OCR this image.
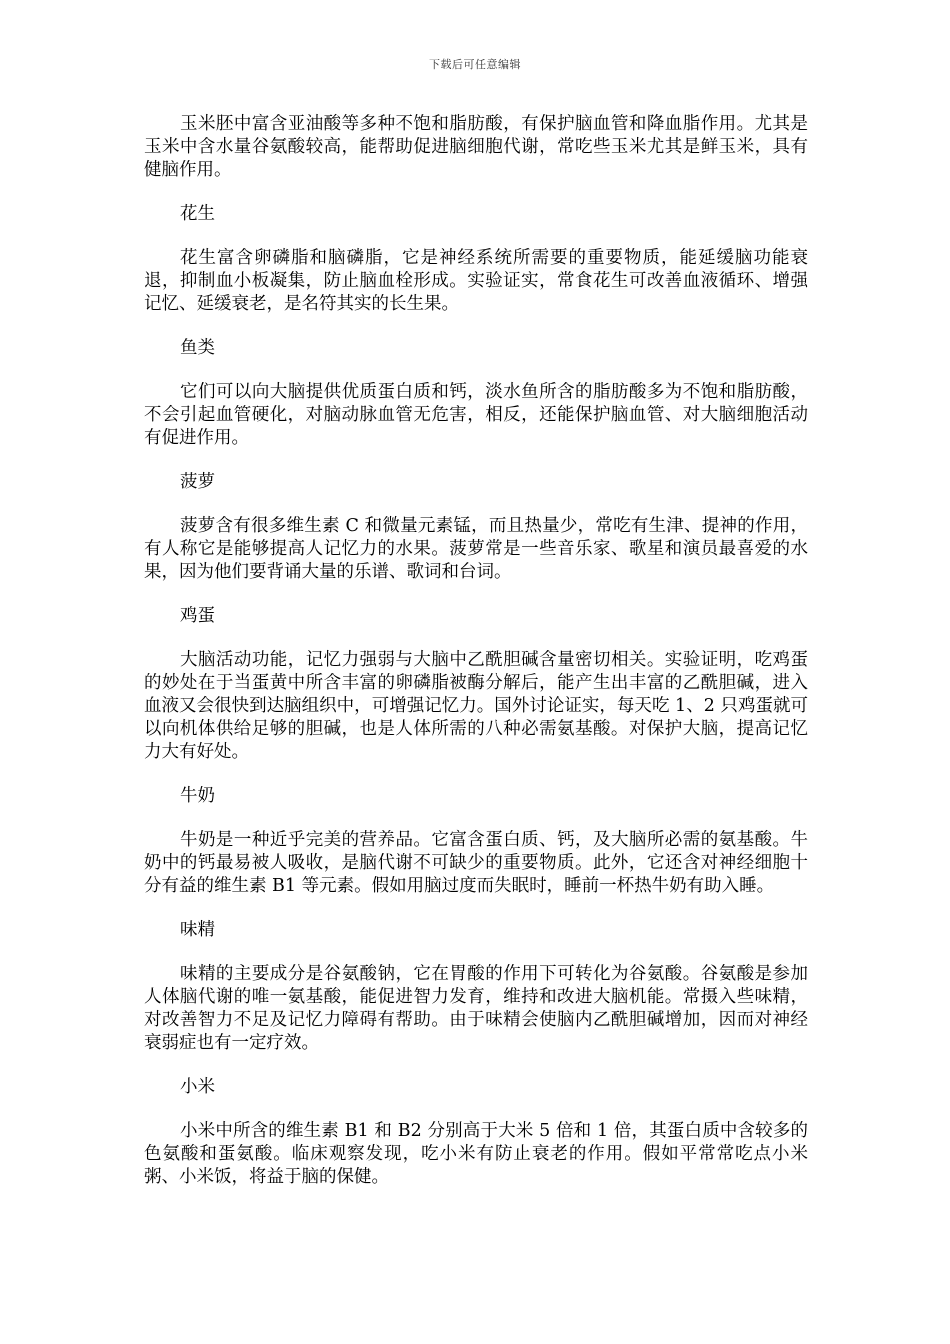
下载后可任意编辑

玉米胚中富含亚油酸等多种不饱和脂肪酸，有保护脑血管和降血脂作用。尤其是玉米中含水量谷氨酸较高，能帮助促进脑细胞代谢，常吃些玉米尤其是鲜玉米，具有健脑作用。

花生

花生富含卵磷脂和脑磷脂，它是神经系统所需要的重要物质，能延缓脑功能衰退，抑制血小板凝集，防止脑血栓形成。实验证实，常食花生可改善血液循环、增强记忆、延缓衰老，是名符其实的长生果。

鱼类

它们可以向大脑提供优质蛋白质和钙，淡水鱼所含的脂肪酸多为不饱和脂肪酸，不会引起血管硬化，对脑动脉血管无危害，相反，还能保护脑血管、对大脑细胞活动有促进作用。

菠萝

菠萝含有很多维生素 C 和微量元素锰，而且热量少，常吃有生津、提神的作用，有人称它是能够提高人记忆力的水果。菠萝常是一些音乐家、歌星和演员最喜爱的水果，因为他们要背诵大量的乐谱、歌词和台词。

鸡蛋

大脑活动功能，记忆力强弱与大脑中乙酰胆碱含量密切相关。实验证明，吃鸡蛋的妙处在于当蛋黄中所含丰富的卵磷脂被酶分解后，能产生出丰富的乙酰胆碱，进入血液又会很快到达脑组织中，可增强记忆力。国外讨论证实，每天吃 1、2 只鸡蛋就可以向机体供给足够的胆碱，也是人体所需的八种必需氨基酸。对保护大脑，提高记忆力大有好处。

牛奶

牛奶是一种近乎完美的营养品。它富含蛋白质、钙，及大脑所必需的氨基酸。牛奶中的钙最易被人吸收，是脑代谢不可缺少的重要物质。此外，它还含对神经细胞十分有益的维生素 B1 等元素。假如用脑过度而失眠时，睡前一杯热牛奶有助入睡。

味精

味精的主要成分是谷氨酸钠，它在胃酸的作用下可转化为谷氨酸。谷氨酸是参加人体脑代谢的唯一氨基酸，能促进智力发育，维持和改进大脑机能。常摄入些味精，对改善智力不足及记忆力障碍有帮助。由于味精会使脑内乙酰胆碱增加，因而对神经衰弱症也有一定疗效。

小米

小米中所含的维生素 B1 和 B2 分别高于大米 5 倍和 1 倍，其蛋白质中含较多的色氨酸和蛋氨酸。临床观察发现，吃小米有防止衰老的作用。假如平常常吃点小米粥、小米饭，将益于脑的保健。
